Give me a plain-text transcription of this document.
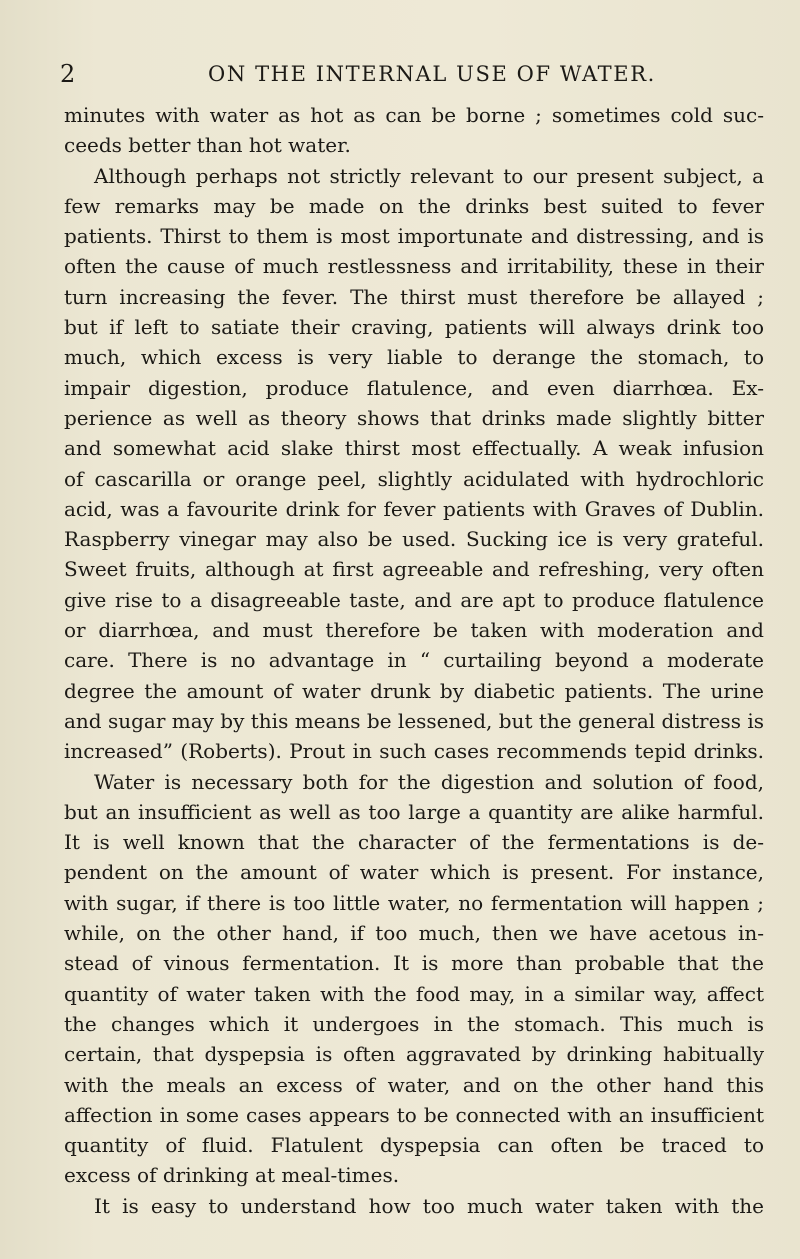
2	ON THE INTERNAL USE OF WATER.
minutes with water as hot as can be borne ; sometimes cold suc-
ceeds better than hot water.
Although perhaps not strictly relevant to our present subject, a
few remarks may be made on the drinks best suited to fever
patients. Thirst to them is most importunate and distressing, and is
often the cause of much restlessness and irritability, these in their
turn increasing the fever. The thirst must therefore be allayed ;
but if left to satiate their craving, patients will always drink too
much, which excess is very liable to derange the stomach, to
impair digestion, produce flatulence, and even diarrhœa. Ex-
perience as well as theory shows that drinks made slightly bitter
and somewhat acid slake thirst most effectually. A weak infusion
of cascarilla or orange peel, slightly acidulated with hydrochloric
acid, was a favourite drink for fever patients with Graves of Dublin.
Raspberry vinegar may also be used. Sucking ice is very grateful.
Sweet fruits, although at first agreeable and refreshing, very often
give rise to a disagreeable taste, and are apt to produce flatulence
or diarrhœa, and must therefore be taken with moderation and
care. There is no advantage in “ curtailing beyond a moderate
degree the amount of water drunk by diabetic patients. The urine
and sugar may by this means be lessened, but the general distress is
increased” (Roberts). Prout in such cases recommends tepid drinks.
Water is necessary both for the digestion and solution of food,
but an insufficient as well as too large a quantity are alike harmful.
It is well known that the character of the fermentations is de-
pendent on the amount of water which is present. For instance,
with sugar, if there is too little water, no fermentation will happen ;
while, on the other hand, if too much, then we have acetous in-
stead of vinous fermentation. It is more than probable that the
quantity of water taken with the food may, in a similar way, affect
the changes which it undergoes in the stomach. This much is
certain, that dyspepsia is often aggravated by drinking habitually
with the meals an excess of water, and on the other hand this
affection in some cases appears to be connected with an insufficient
quantity of fluid. Flatulent dyspepsia can often be traced to
excess of drinking at meal-times.
It is easy to understand how too much water taken with the
